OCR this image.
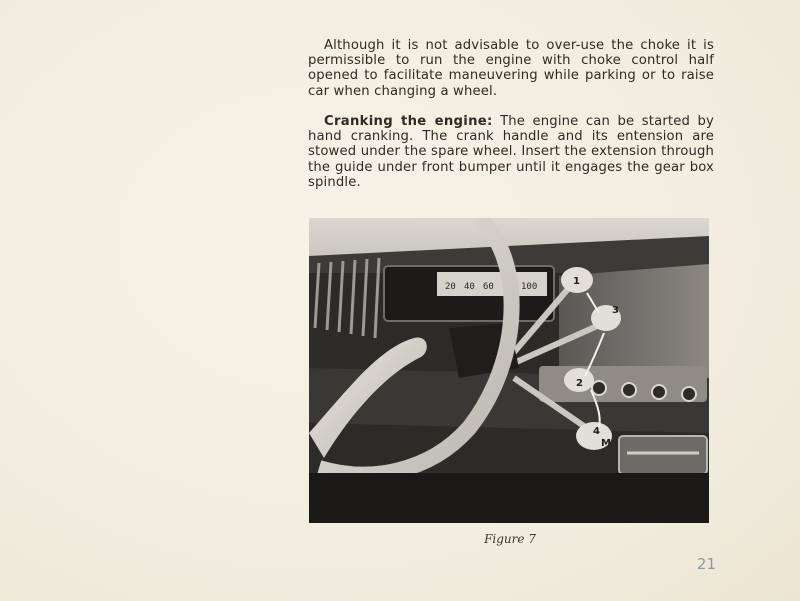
Although it is not advisable to over-use the choke it is permissible to run the engine with choke control half opened to facilitate maneuvering while parking or to raise car when changing a wheel.

Cranking the engine: The engine can be started by hand cranking. The crank handle and its entension are stowed under the spare wheel. Insert the extension through the guide under front bumper until it engages the gear box spindle.

20 40 60 80 100	1
2
3
4
M
Figure 7
21
